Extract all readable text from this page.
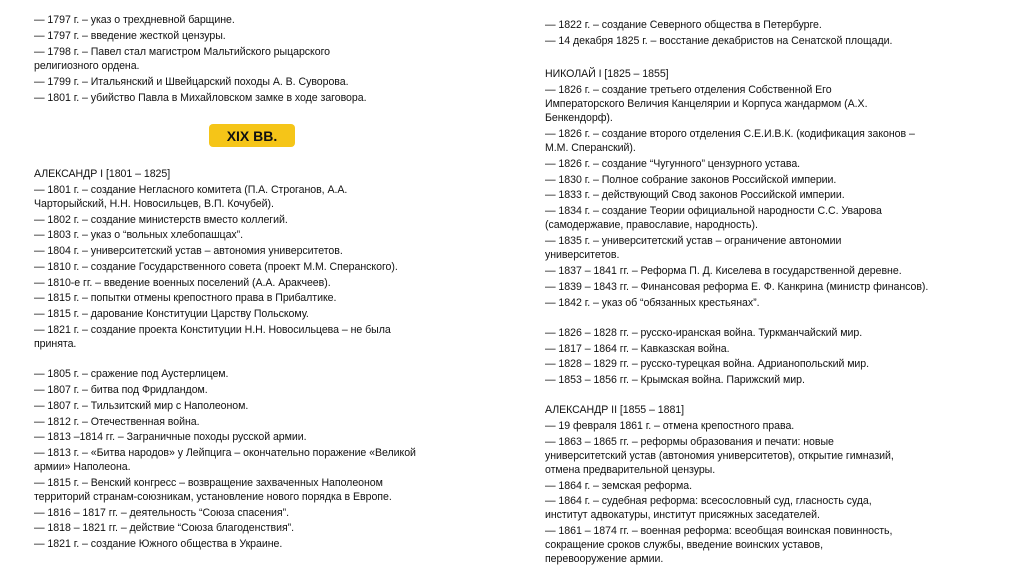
— 1797 г. – указ о трехдневной барщине.
— 1797 г. – введение жесткой цензуры.
— 1798 г. – Павел стал магистром Мальтийского рыцарского
религиозного ордена.
— 1799 г. – Итальянский и Швейцарский походы А. В. Суворова.
— 1801 г. – убийство Павла в Михайловском замке в ходе заговора.
АЛЕКСАНДР I [1801 – 1825]
— 1801 г. – создание Негласного комитета (П.А. Строганов, А.А.
Чарторыйский, Н.Н. Новосильцев, В.П. Кочубей).
— 1802 г. – создание министерств вместо коллегий.
— 1803 г. – указ о “вольных хлебопашцах”.
— 1804 г. – университетский устав – автономия университетов.
— 1810 г. – создание Государственного совета (проект М.М. Сперанского).
— 1810-е гг. – введение военных поселений (А.А. Аракчеев).
— 1815 г. – попытки отмены крепостного права в Прибалтике.
— 1815 г. – дарование Конституции Царству Польскому.
— 1821 г. – создание проекта Конституции Н.Н. Новосильцева – не была
принята.
— 1805 г. – сражение под Аустерлицем.
— 1807 г. – битва под Фридландом.
— 1807 г. – Тильзитский мир с Наполеоном.
— 1812 г. – Отечественная война.
— 1813 –1814 гг. – Заграничные походы русской армии.
— 1813 г. – «Битва народов» у Лейпцига – окончательно поражение «Великой
армии» Наполеона.
— 1815 г. – Венский конгресс – возвращение захваченных Наполеоном
территорий странам-союзникам, установление нового порядка в Европе.
— 1816 – 1817 гг. – деятельность “Союза спасения”.
— 1818 – 1821 гг. – действие “Союза благоденствия”.
— 1821 г. – создание Южного общества в Украине.
XIX ВВ.
— 1822 г. – создание Северного общества в Петербурге.
— 14 декабря 1825 г. – восстание декабристов на Сенатской площади.
НИКОЛАЙ I [1825 – 1855]
— 1826 г. – создание третьего отделения Собственной Его
Императорского Величия Канцелярии и Корпуса жандармом (А.Х.
Бенкендорф).
— 1826 г. – создание второго отделения С.Е.И.В.К. (кодификация законов –
М.М. Сперанский).
— 1826 г. – создание “Чугунного” цензурного устава.
— 1830 г. – Полное собрание законов Российской империи.
— 1833 г. – действующий Свод законов Российской империи.
— 1834 г. – создание Теории официальной народности С.С. Уварова
(самодержавие, православие, народность).
— 1835 г. – университетский устав – ограничение автономии
университетов.
— 1837 – 1841 гг. – Реформа П. Д. Киселева в государственной деревне.
— 1839 – 1843 гг. – Финансовая реформа Е. Ф. Канкрина (министр финансов).
— 1842 г. – указ об “обязанных крестьянах”.
— 1826 – 1828 гг. – русско-иранская война. Туркманчайский мир.
— 1817 – 1864 гг. – Кавказская война.
— 1828 – 1829 гг. – русско-турецкая война. Адрианопольский мир.
— 1853 – 1856 гг. – Крымская война. Парижский мир.
АЛЕКСАНДР II [1855 – 1881]
— 19 февраля 1861 г. – отмена крепостного права.
— 1863 – 1865 гг. – реформы образования и печати: новые
университетский устав (автономия университетов), открытие гимназий,
отмена предварительной цензуры.
— 1864 г. – земская реформа.
— 1864 г. – судебная реформа: всесословный суд, гласность суда,
институт адвокатуры, институт присяжных заседателей.
— 1861 – 1874 гг. – военная реформа: всеобщая воинская повинность,
сокращение сроков службы, введение воинских уставов,
перевооружение армии.
